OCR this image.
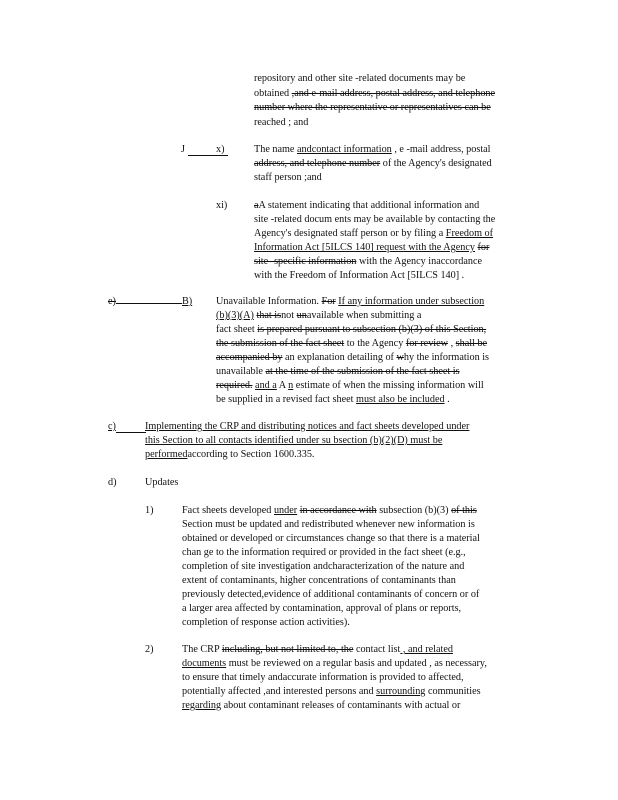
repository and other site -related documents may be
obtained ,and e-mail address, postal address, and telephone
number where the representative or representatives can be
reached ; and
J	x)	The name andcontact information , e -mail address, postal
address, and telephone number of the Agency's designated
staff person ;and
xi)	aA statement indicating that additional information and
site -related docum ents may be available by contacting the
Agency's designated staff person or by filing a Freedom of
Information Act [5ILCS 140] request with the Agency for
site -specific information with the Agency inaccordance
with the Freedom of Information Act [5ILCS 140] .
e)	B) Unavailable Information. For If any information under subsection
(b)(3)(A) that isnot unavailable when submitting a
fact sheet is prepared pursuant to subsection (b)(3) of this Section,
the submission of the fact sheet to the Agency for review , shall be
accompanied by an explanation detailing of why the information is
unavailable at the time of the submission of the fact sheet is
required. and a A n estimate of when the missing information will
be supplied in a revised fact sheet must also be included .
c)	Implementing the CRP and distributing notices and fact sheets developed under
this Section to all contacts identified under su bsection (b)(2)(D) must be
performedaccording to Section 1600.335.
d)	Updates
1)	Fact sheets developed under in accordance with subsection (b)(3) of this
Section must be updated and redistributed whenever new information is
obtained or developed or circumstances change so that there is a material
chan ge to the information required or provided in the fact sheet (e.g.,
completion of site investigation andcharacterization of the nature and
extent of contaminants, higher concentrations of contaminants than
previously detected,evidence of additional contaminants of concern or of
a larger area affected by contamination, approval of plans or reports,
completion of response action activities).
2)	The CRP including, but not limited to, the contact list , and related
documents must be reviewed on a regular basis and updated , as necessary,
to ensure that timely andaccurate information is provided to affected,
potentially affected ,and interested persons and surrounding communities
regarding about contaminant releases of contaminants with actual or
